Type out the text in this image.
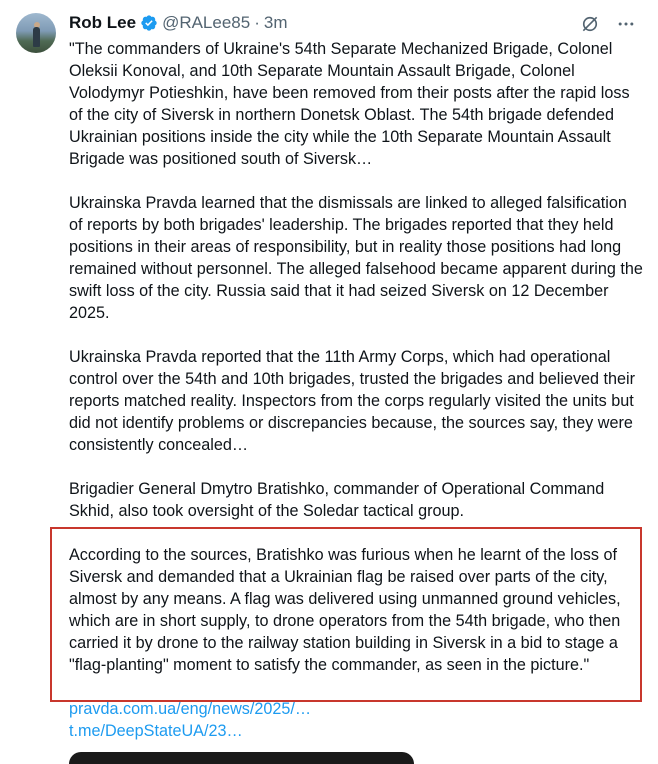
Rob Lee @RALee85 · 3m

"The commanders of Ukraine's 54th Separate Mechanized Brigade, Colonel Oleksii Konoval, and 10th Separate Mountain Assault Brigade, Colonel Volodymyr Potieshkin, have been removed from their posts after the rapid loss of the city of Siversk in northern Donetsk Oblast. The 54th brigade defended Ukrainian positions inside the city while the 10th Separate Mountain Assault Brigade was positioned south of Siversk…

Ukrainska Pravda learned that the dismissals are linked to alleged falsification of reports by both brigades' leadership. The brigades reported that they held positions in their areas of responsibility, but in reality those positions had long remained without personnel. The alleged falsehood became apparent during the swift loss of the city. Russia said that it had seized Siversk on 12 December 2025.

Ukrainska Pravda reported that the 11th Army Corps, which had operational control over the 54th and 10th brigades, trusted the brigades and believed their reports matched reality. Inspectors from the corps regularly visited the units but did not identify problems or discrepancies because, the sources say, they were consistently concealed…

Brigadier General Dmytro Bratishko, commander of Operational Command Skhid, also took oversight of the Soledar tactical group.

According to the sources, Bratishko was furious when he learnt of the loss of Siversk and demanded that a Ukrainian flag be raised over parts of the city, almost by any means. A flag was delivered using unmanned ground vehicles, which are in short supply, to drone operators from the 54th brigade, who then carried it by drone to the railway station building in Siversk in a bid to stage a "flag-planting" moment to satisfy the commander, as seen in the picture."

pravda.com.ua/eng/news/2025/…
t.me/DeepStateUA/23…
